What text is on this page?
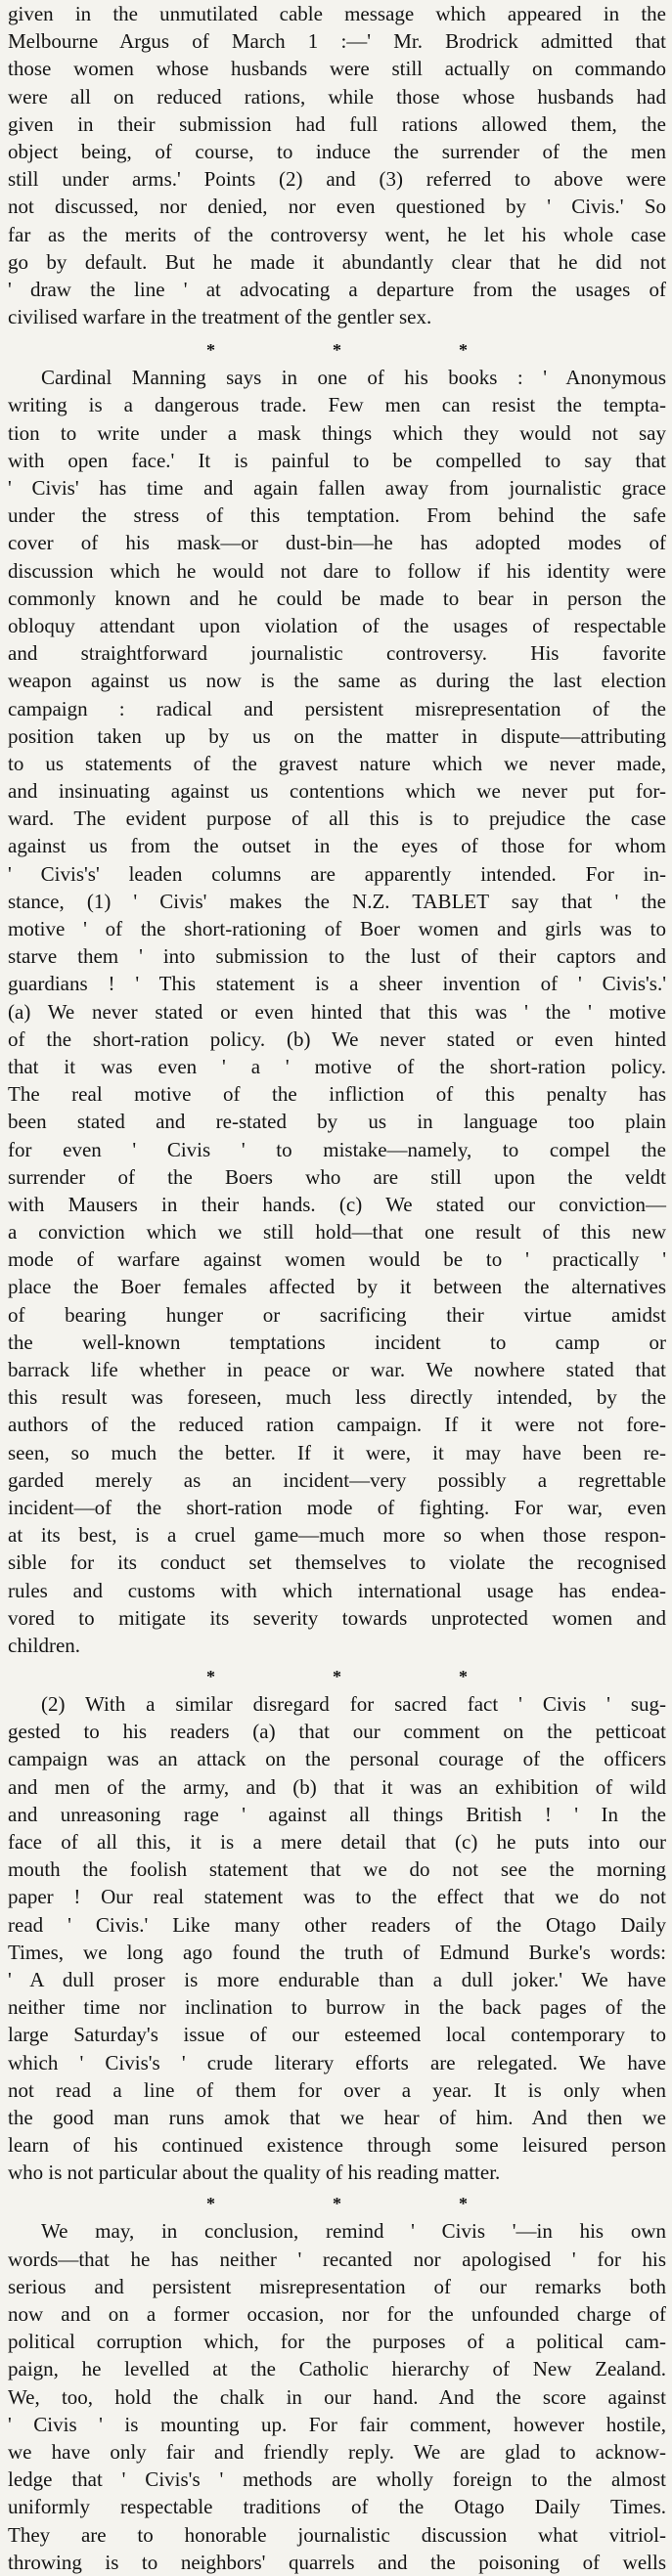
given in the unmutilated cable message which appeared in the
Melbourne Argus of March 1 :—' Mr. Brodrick admitted that
those women whose husbands were still actually on commando
were all on reduced rations, while those whose husbands had
given in their submission had full rations allowed them, the
object being, of course, to induce the surrender of the men
still under arms.' Points (2) and (3) referred to above were
not discussed, nor denied, nor even questioned by ' Civis.' So
far as the merits of the controversy went, he let his whole case
go by default. But he made it abundantly clear that he did not
' draw the line ' at advocating a departure from the usages of
civilised warfare in the treatment of the gentler sex.
*	*	*
Cardinal Manning says in one of his books : ' Anonymous
writing is a dangerous trade. Few men can resist the tempta-
tion to write under a mask things which they would not say
with open face.' It is painful to be compelled to say that
' Civis' has time and again fallen away from journalistic grace
under the stress of this temptation. From behind the safe
cover of his mask—or dust-bin—he has adopted modes of
discussion which he would not dare to follow if his identity were
commonly known and he could be made to bear in person the
obloquy attendant upon violation of the usages of respectable
and straightforward journalistic controversy. His favorite
weapon against us now is the same as during the last election
campaign : radical and persistent misrepresentation of the
position taken up by us on the matter in dispute—attributing
to us statements of the gravest nature which we never made,
and insinuating against us contentions which we never put for-
ward. The evident purpose of all this is to prejudice the case
against us from the outset in the eyes of those for whom
' Civis's' leaden columns are apparently intended. For in-
stance, (1) ' Civis' makes the N.Z. TABLET say that ' the
motive ' of the short-rationing of Boer women and girls was to
starve them ' into submission to the lust of their captors and
guardians ! ' This statement is a sheer invention of ' Civis's.'
(a) We never stated or even hinted that this was ' the ' motive
of the short-ration policy. (b) We never stated or even hinted
that it was even ' a ' motive of the short-ration policy.
The real motive of the infliction of this penalty has
been stated and re-stated by us in language too plain
for even ' Civis ' to mistake—namely, to compel the
surrender of the Boers who are still upon the veldt
with Mausers in their hands. (c) We stated our conviction—
a conviction which we still hold—that one result of this new
mode of warfare against women would be to ' practically '
place the Boer females affected by it between the alternatives
of bearing hunger or sacrificing their virtue amidst
the well-known temptations incident to camp or
barrack life whether in peace or war. We nowhere stated that
this result was foreseen, much less directly intended, by the
authors of the reduced ration campaign. If it were not fore-
seen, so much the better. If it were, it may have been re-
garded merely as an incident—very possibly a regrettable
incident—of the short-ration mode of fighting. For war, even
at its best, is a cruel game—much more so when those respon-
sible for its conduct set themselves to violate the recognised
rules and customs with which international usage has endea-
vored to mitigate its severity towards unprotected women and
children.
*	*	*
(2) With a similar disregard for sacred fact ' Civis ' sug-
gested to his readers (a) that our comment on the petticoat
campaign was an attack on the personal courage of the officers
and men of the army, and (b) that it was an exhibition of wild
and unreasoning rage ' against all things British ! ' In the
face of all this, it is a mere detail that (c) he puts into our
mouth the foolish statement that we do not see the morning
paper ! Our real statement was to the effect that we do not
read ' Civis.' Like many other readers of the Otago Daily
Times, we long ago found the truth of Edmund Burke's words:
' A dull proser is more endurable than a dull joker.' We have
neither time nor inclination to burrow in the back pages of the
large Saturday's issue of our esteemed local contemporary to
which ' Civis's ' crude literary efforts are relegated. We have
not read a line of them for over a year. It is only when
the good man runs amok that we hear of him. And then we
learn of his continued existence through some leisured person
who is not particular about the quality of his reading matter.
*	*	*
We may, in conclusion, remind ' Civis '—in his own
words—that he has neither ' recanted nor apologised ' for his
serious and persistent misrepresentation of our remarks both
now and on a former occasion, nor for the unfounded charge of
political corruption which, for the purposes of a political cam-
paign, he levelled at the Catholic hierarchy of New Zealand.
We, too, hold the chalk in our hand. And the score against
' Civis ' is mounting up. For fair comment, however hostile,
we have only fair and friendly reply. We are glad to acknow-
ledge that ' Civis's ' methods are wholly foreign to the almost
uniformly respectable traditions of the Otago Daily Times.
They are to honorable journalistic discussion what vitriol-
throwing is to neighbors' quarrels and the poisoning of wells
